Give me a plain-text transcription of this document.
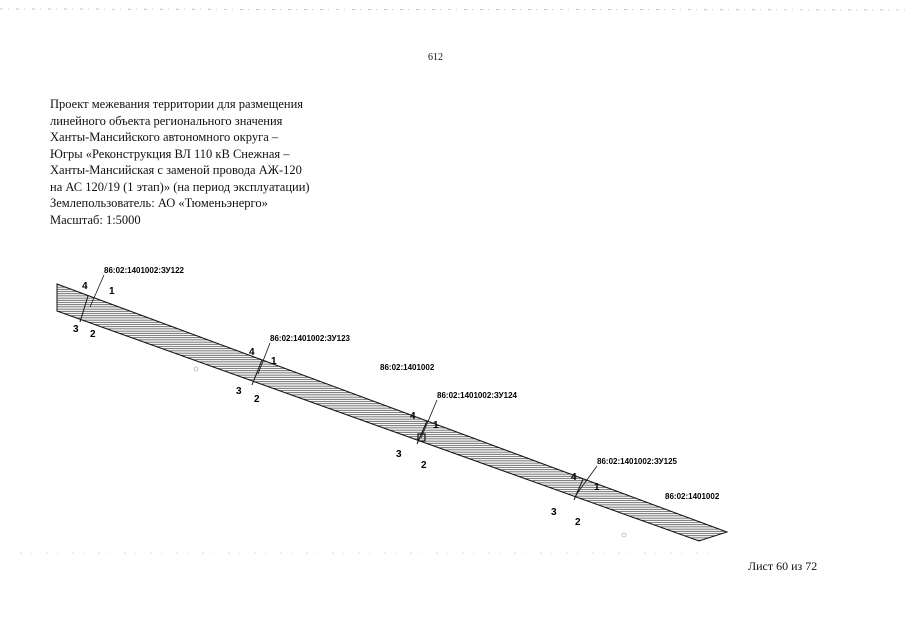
612
Проект межевания территории для размещения
линейного объекта регионального значения
Ханты-Мансийского автономного округа –
Югры «Реконструкция ВЛ 110 кВ Снежная –
Ханты-Мансийская с заменой провода АЖ-120
на АС 120/19 (1 этап)» (на период эксплуатации)
Землепользователь: АО «Тюменьэнерго»
Масштаб: 1:5000
86:02:1401002:ЗУ122
86:02:1401002:ЗУ123
86:02:1401002:ЗУ124
86:02:1401002:ЗУ125
86:02:1401002
86:02:1401002
4 1
3 2
4
1
3
2
4
1
3
2
4
1
3
2
Лист 60 из 72
